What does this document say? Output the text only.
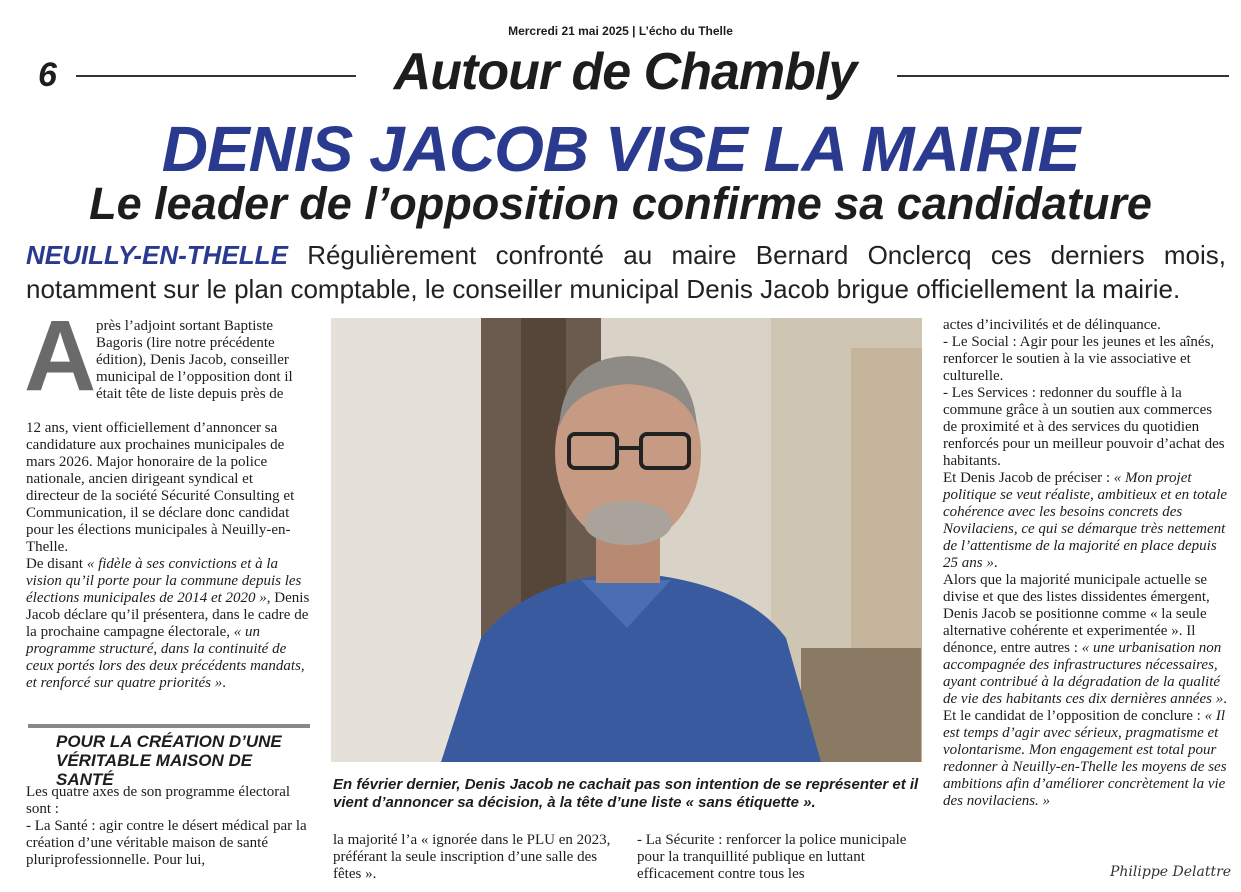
Mercredi 21 mai 2025 | L’écho du Thelle
6	Autour de Chambly
DENIS JACOB VISE LA MAIRIE
Le leader de l’opposition confirme sa candidature
NEUILLY-EN-THELLE Régulièrement confronté au maire Bernard Onclercq ces derniers mois, notamment sur le plan comptable, le conseiller municipal Denis Jacob brigue officiellement la mairie.
A près l’adjoint sortant Baptiste Bagoris (lire notre précédente édition), Denis Jacob, conseiller municipal de l’opposition dont il était tête de liste depuis près de

12 ans, vient officiellement d’annoncer sa candidature aux prochaines municipales de mars 2026. Major honoraire de la police nationale, ancien dirigeant syndical et directeur de la société Sécurité Consulting et Communication, il se déclare donc candidat pour les élections municipales à Neuilly-en-Thelle.

De disant « fidèle à ses convictions et à la vision qu’il porte pour la commune depuis les élections municipales de 2014 et 2020 », Denis Jacob déclare qu’il présentera, dans le cadre de la prochaine campagne électorale, « un programme structuré, dans la continuité de ceux portés lors des deux précédents mandats, et renforcé sur quatre priorités ».

POUR LA CRÉATION D’UNE VÉRITABLE MAISON DE SANTÉ

Les quatre axes de son programme électoral sont :

- La Santé : agir contre le désert médical par la création d’une véritable maison de santé pluriprofessionnelle. Pour lui,

En février dernier, Denis Jacob ne cachait pas son intention de se représenter et il vient d’annoncer sa décision, à la tête d’une liste « sans étiquette ».
la majorité l’a « ignorée dans le PLU en 2023, préférant la seule inscription d’une salle des fêtes ».
- La Sécurite : renforcer la police municipale pour la tranquillité publique en luttant efficacement contre tous les

actes d’incivilités et de délinquance.

- Le Social : Agir pour les jeunes et les aînés, renforcer le soutien à la vie associative et culturelle.

- Les Services : redonner du souffle à la commune grâce à un soutien aux commerces de proximité et à des services du quotidien renforcés pour un meilleur pouvoir d’achat des habitants.

Et Denis Jacob de préciser : « Mon projet politique se veut réaliste, ambitieux et en totale cohérence avec les besoins concrets des Novilaciens, ce qui se démarque très nettement de l’attentisme de la majorité en place depuis 25 ans ».

Alors que la majorité municipale actuelle se divise et que des listes dissidentes émergent, Denis Jacob se positionne comme « la seule alternative cohérente et experimentée ». Il dénonce, entre autres : « une urbanisation non accompagnée des infrastructures nécessaires, ayant contribué à la dégradation de la qualité de vie des habitants ces dix dernières années ».

Et le candidat de l’opposition de conclure : « Il est temps d’agir avec sérieux, pragmatisme et volontarisme. Mon engagement est total pour redonner à Neuilly-en-Thelle les moyens de ses ambitions afin d’améliorer concrètement la vie des novilaciens. »

Philippe Delattre
